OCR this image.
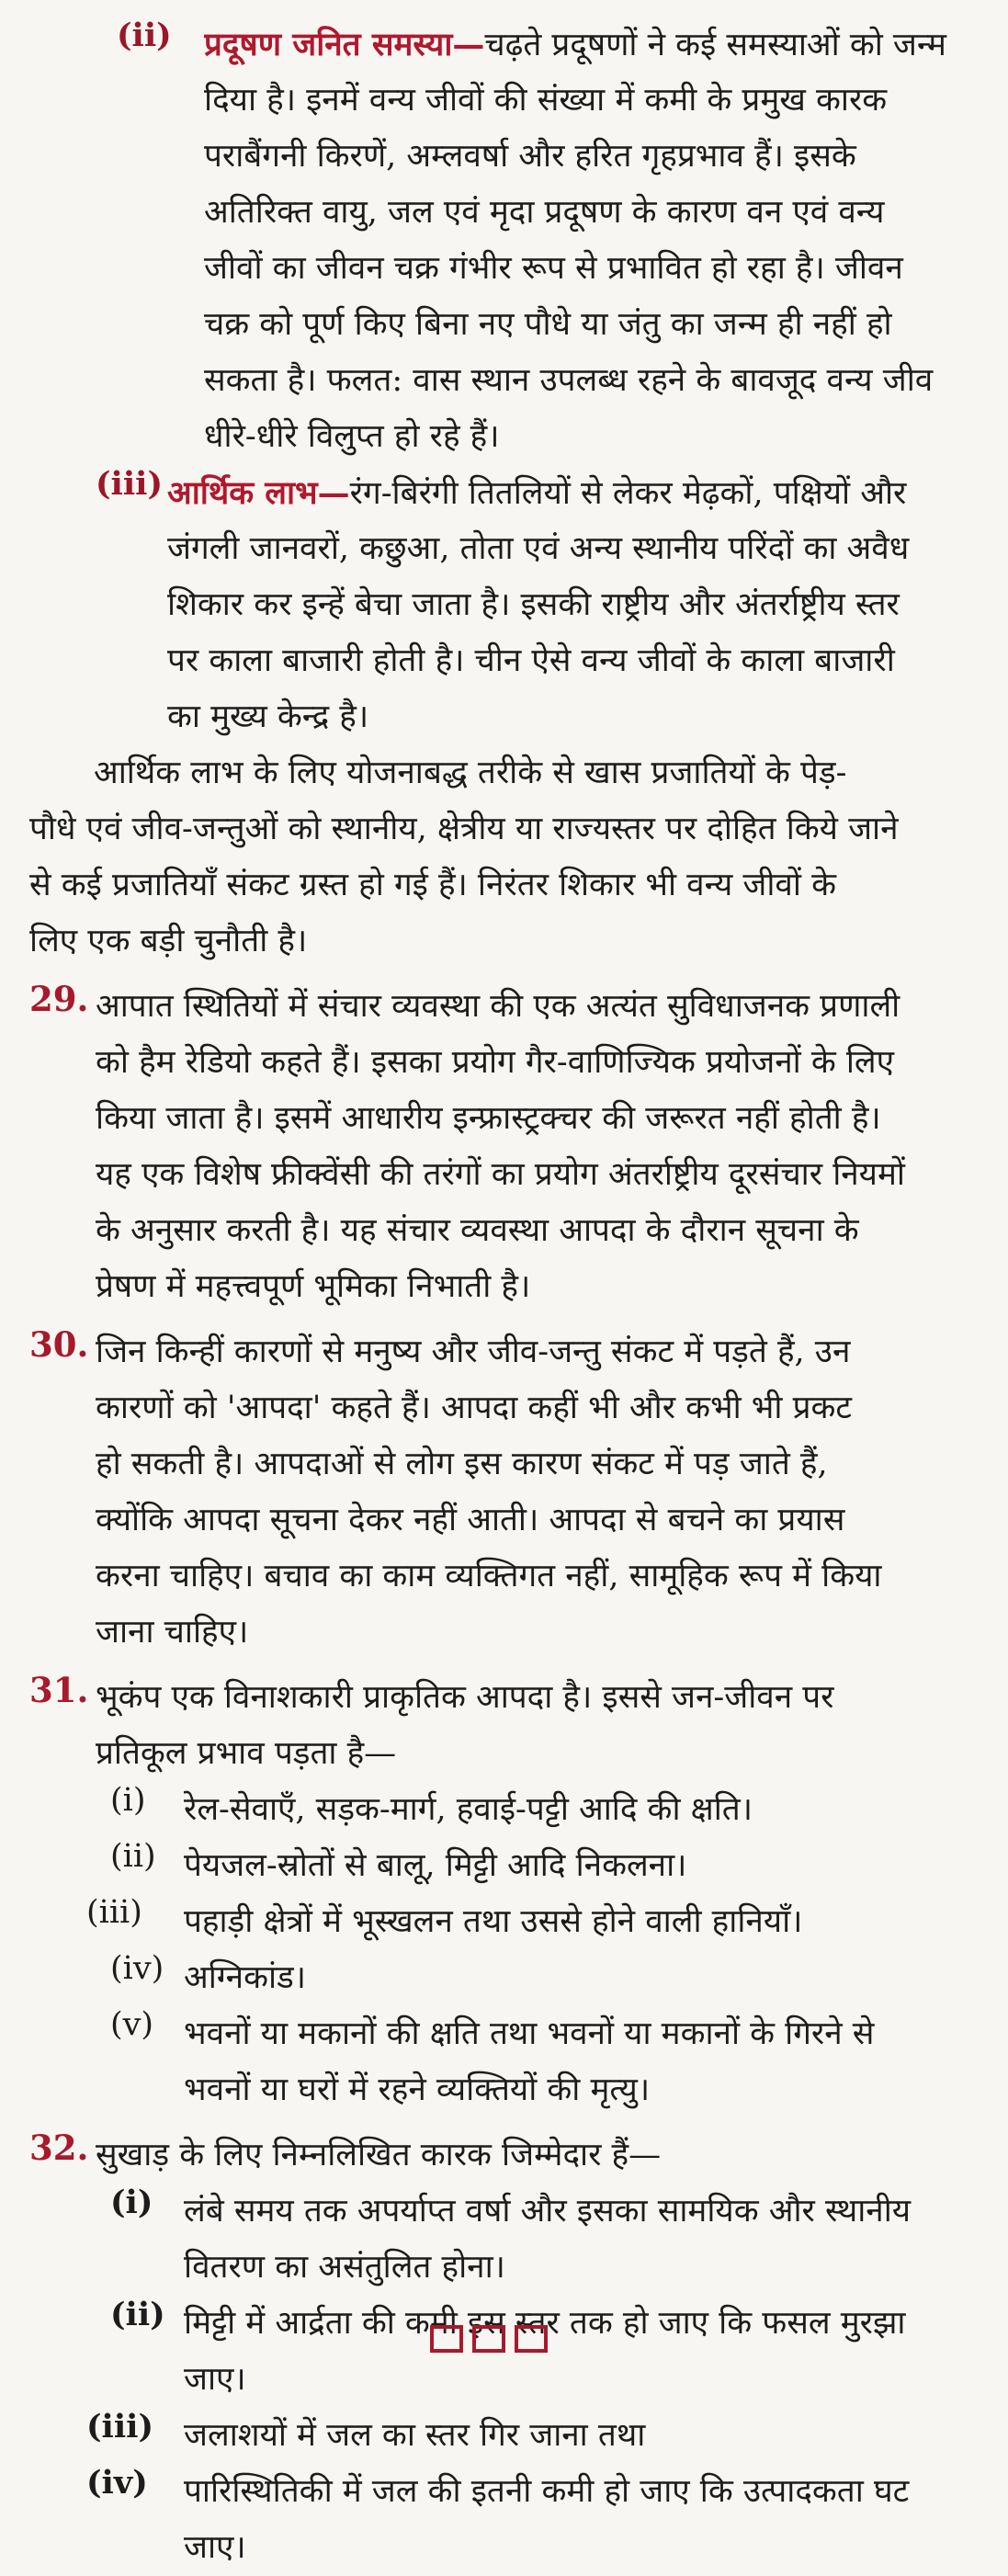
(ii) प्रदूषण जनित समस्या—चढ़ते प्रदूषणों ने कई समस्याओं को जन्म
दिया है। इनमें वन्य जीवों की संख्या में कमी के प्रमुख कारक
पराबैंगनी किरणें, अम्लवर्षा और हरित गृहप्रभाव हैं। इसके
अतिरिक्त वायु, जल एवं मृदा प्रदूषण के कारण वन एवं वन्य
जीवों का जीवन चक्र गंभीर रूप से प्रभावित हो रहा है। जीवन
चक्र को पूर्ण किए बिना नए पौधे या जंतु का जन्म ही नहीं हो
सकता है। फलत: वास स्थान उपलब्ध रहने के बावजूद वन्य जीव
धीरे-धीरे विलुप्त हो रहे हैं।
(iii) आर्थिक लाभ—रंग-बिरंगी तितलियों से लेकर मेढ़कों, पक्षियों और
जंगली जानवरों, कछुआ, तोता एवं अन्य स्थानीय परिंदों का अवैध
शिकार कर इन्हें बेचा जाता है। इसकी राष्ट्रीय और अंतर्राष्ट्रीय स्तर
पर काला बाजारी होती है। चीन ऐसे वन्य जीवों के काला बाजारी
का मुख्य केन्द्र है।
आर्थिक लाभ के लिए योजनाबद्ध तरीके से खास प्रजातियों के पेड़-
पौधे एवं जीव-जन्तुओं को स्थानीय, क्षेत्रीय या राज्यस्तर पर दोहित किये जाने
से कई प्रजातियाँ संकट ग्रस्त हो गई हैं। निरंतर शिकार भी वन्य जीवों के
लिए एक बड़ी चुनौती है।
29. आपात स्थितियों में संचार व्यवस्था की एक अत्यंत सुविधाजनक प्रणाली
को हैम रेडियो कहते हैं। इसका प्रयोग गैर-वाणिज्यिक प्रयोजनों के लिए
किया जाता है। इसमें आधारीय इन्फ्रास्ट्रक्चर की जरूरत नहीं होती है।
यह एक विशेष फ्रीक्वेंसी की तरंगों का प्रयोग अंतर्राष्ट्रीय दूरसंचार नियमों
के अनुसार करती है। यह संचार व्यवस्था आपदा के दौरान सूचना के
प्रेषण में महत्त्वपूर्ण भूमिका निभाती है।
30. जिन किन्हीं कारणों से मनुष्य और जीव-जन्तु संकट में पड़ते हैं, उन
कारणों को 'आपदा' कहते हैं। आपदा कहीं भी और कभी भी प्रकट
हो सकती है। आपदाओं से लोग इस कारण संकट में पड़ जाते हैं,
क्योंकि आपदा सूचना देकर नहीं आती। आपदा से बचने का प्रयास
करना चाहिए। बचाव का काम व्यक्तिगत नहीं, सामूहिक रूप में किया
जाना चाहिए।
31. भूकंप एक विनाशकारी प्राकृतिक आपदा है। इससे जन-जीवन पर
प्रतिकूल प्रभाव पड़ता है—
(i) रेल-सेवाएँ, सड़क-मार्ग, हवाई-पट्टी आदि की क्षति।
(ii) पेयजल-स्रोतों से बालू, मिट्टी आदि निकलना।
(iii) पहाड़ी क्षेत्रों में भूस्खलन तथा उससे होने वाली हानियाँ।
(iv) अग्निकांड।
(v) भवनों या मकानों की क्षति तथा भवनों या मकानों के गिरने से
भवनों या घरों में रहने व्यक्तियों की मृत्यु।
32. सुखाड़ के लिए निम्नलिखित कारक जिम्मेदार हैं—
(i) लंबे समय तक अपर्याप्त वर्षा और इसका सामयिक और स्थानीय
वितरण का असंतुलित होना।
(ii) मिट्टी में आर्द्रता की कमी इस स्तर तक हो जाए कि फसल मुरझा
जाए।
(iii) जलाशयों में जल का स्तर गिर जाना तथा
(iv) पारिस्थितिकी में जल की इतनी कमी हो जाए कि उत्पादकता घट
जाए।
